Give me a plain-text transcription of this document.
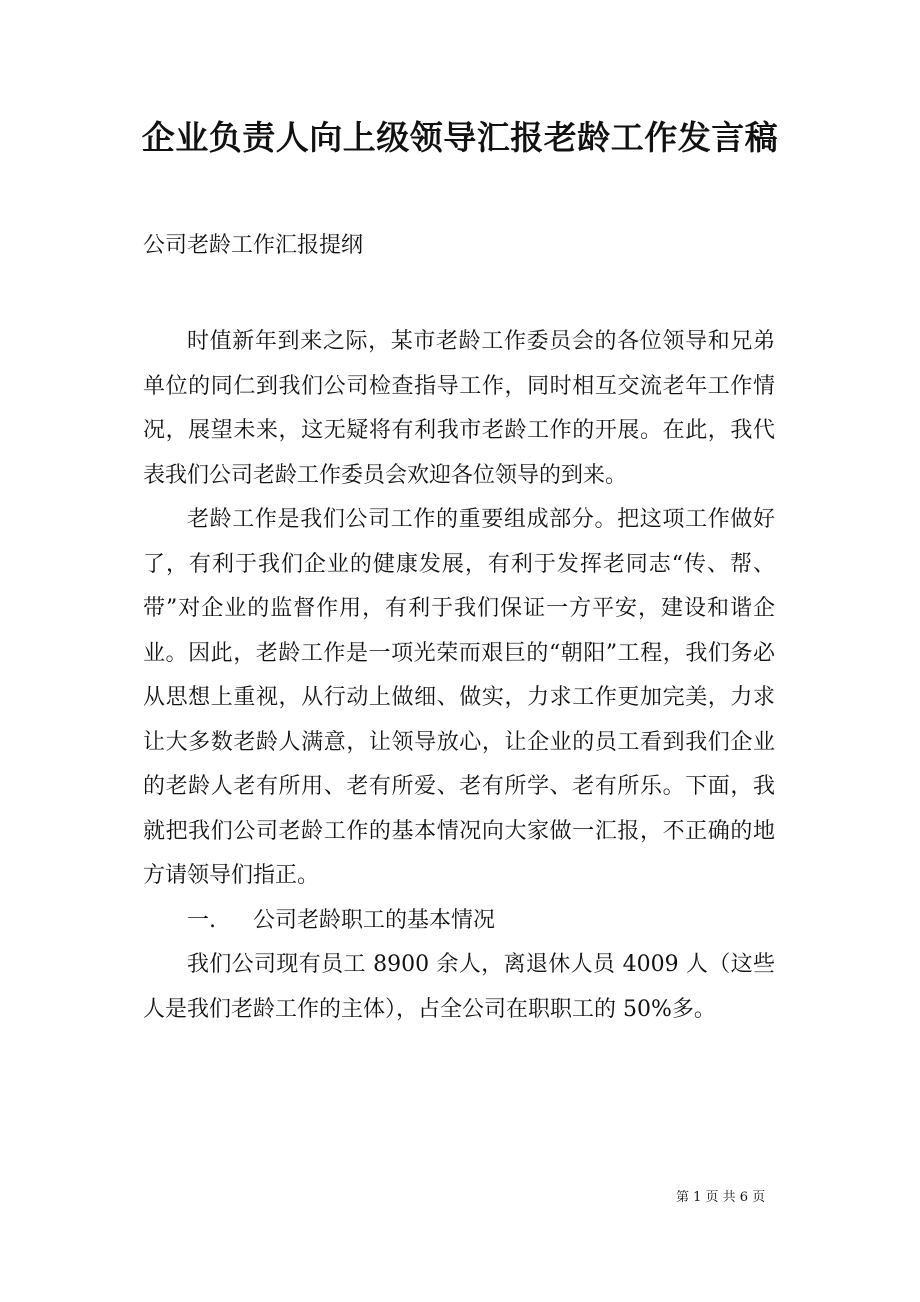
企业负责人向上级领导汇报老龄工作发言稿

公司老龄工作汇报提纲

时值新年到来之际，某市老龄工作委员会的各位领导和兄弟单位的同仁到我们公司检查指导工作，同时相互交流老年工作情况，展望未来，这无疑将有利我市老龄工作的开展。在此，我代表我们公司老龄工作委员会欢迎各位领导的到来。

老龄工作是我们公司工作的重要组成部分。把这项工作做好了，有利于我们企业的健康发展，有利于发挥老同志“传、帮、带”对企业的监督作用，有利于我们保证一方平安，建设和谐企业。因此，老龄工作是一项光荣而艰巨的“朝阳”工程，我们务必从思想上重视，从行动上做细、做实，力求工作更加完美，力求让大多数老龄人满意，让领导放心，让企业的员工看到我们企业的老龄人老有所用、老有所爱、老有所学、老有所乐。下面，我就把我们公司老龄工作的基本情况向大家做一汇报，不正确的地方请领导们指正。

一. 公司老龄职工的基本情况

我们公司现有员工 8900 余人，离退休人员 4009 人（这些人是我们老龄工作的主体），占全公司在职职工的 50%多。

第 1 页 共 6 页
